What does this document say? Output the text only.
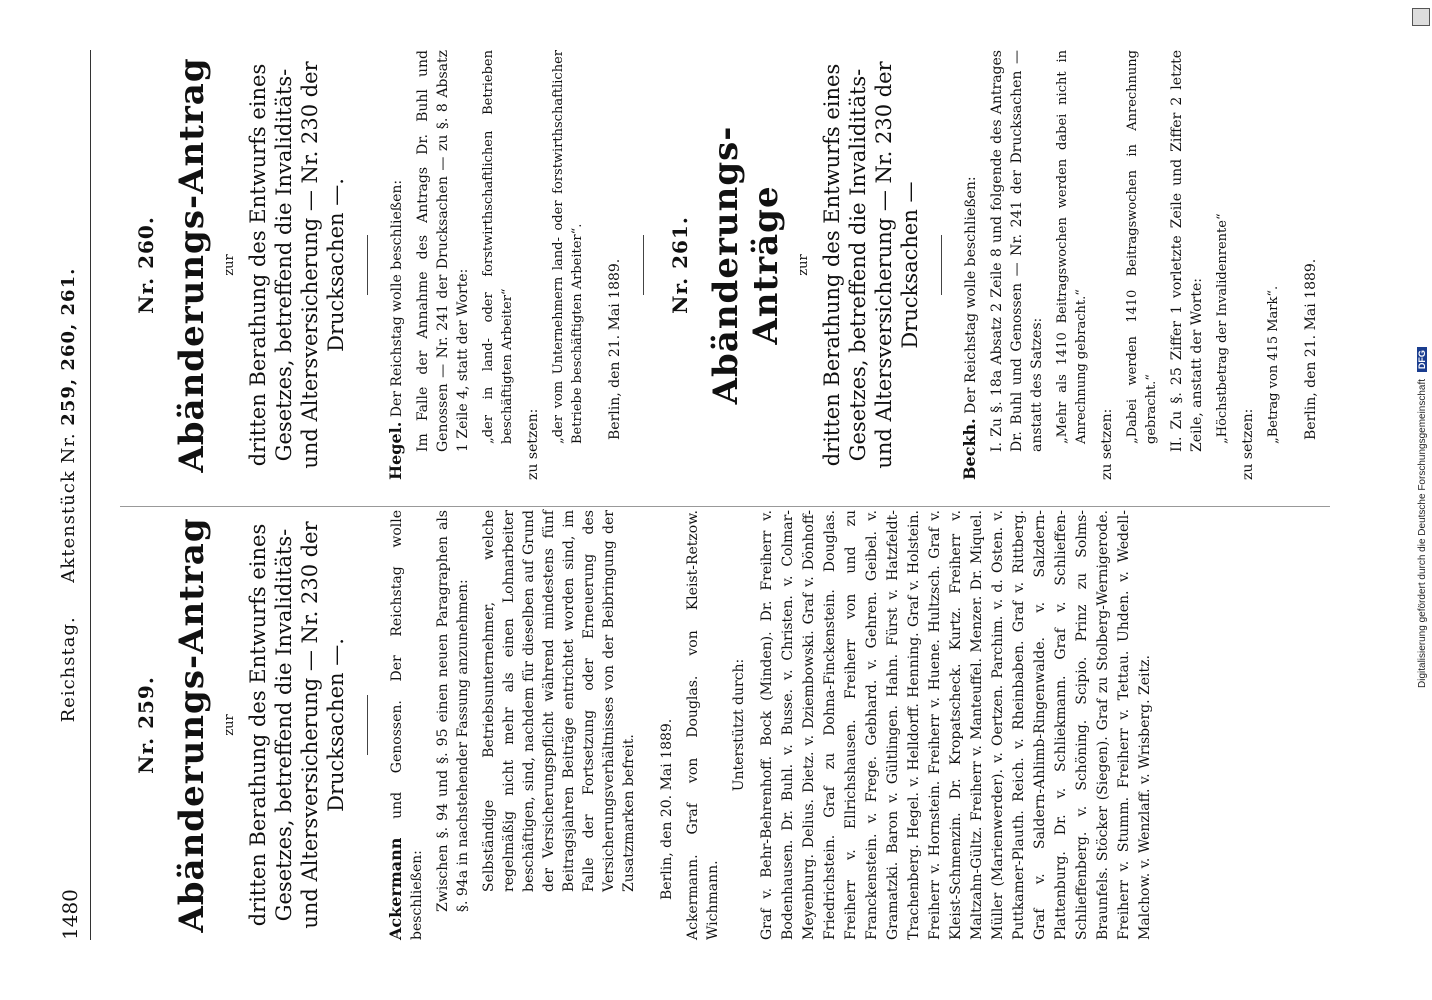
1480
Reichstag.     Aktenstück Nr. 259, 260, 261.
Nr. 259. Abänderungs-Antrag zur dritten Berathung des Entwurfs eines Gesetzes, betreffend die Invaliditäts- und Altersversicherung — Nr. 230 der Drucksachen —.

Ackermann und Genossen. Der Reichstag wolle beschließen: Zwischen §. 94 und §. 95 einen neuen Paragraphen als §. 94a in nachstehender Fassung anzunehmen: Selbständige Betriebsunternehmer, welche regelmäßig nicht mehr als einen Lohnarbeiter beschäftigen, sind, nachdem für dieselben auf Grund der Versicherungspflicht während mindestens fünf Beitragsjahren Beiträge entrichtet worden sind, im Falle der Fortsetzung oder Erneuerung des Versicherungsverhältnisses von der Beibringung der Zusatzmarken befreit. Berlin, den 20. Mai 1889. Ackermann. Graf von Douglas. von Kleist-Retzow. Wichmann.

Unterstützt durch: Graf v. Behr-Behrenhoff. Bock (Minden). Dr. Freiherr v. Bodenhausen. Dr. Buhl. v. Busse. v. Christen. v. Colmar-Meyenburg. Delius. Dietz. v. Dziembowski. Graf v. Dönhoff-Friedrichstein. Graf zu Dohna-Finckenstein. Douglas. Freiherr v. Ellrichshausen. Freiherr von und zu Franckenstein. v. Frege. Gebhard. v. Gehren. Geibel. v. Gramatzki. Baron v. Gültlingen. Hahn. Fürst v. Hatzfeldt-Trachenberg. Hegel. v. Helldorff. Henning. Graf v. Holstein. Freiherr v. Hornstein. Freiherr v. Huene. Hultzsch. Graf v. Kleist-Schmenzin. Dr. Kropatscheck. Kurtz. Freiherr v. Maltzahn-Gültz. Freiherr v. Manteuffel. Menzer. Dr. Miquel. Müller (Marienwerder). v. Oertzen. Parchim. v. d. Osten. v. Puttkamer-Plauth. Reich. v. Rheinbaben. Graf v. Rittberg. Graf v. Saldern-Ahlimb-Ringenwalde. v. Salzdern-Plattenburg. Dr. v. Schliekmann. Graf v. Schlieffen-Schlieffenberg. v. Schöning. Scipio. Prinz zu Solms-Braunfels. Stöcker (Siegen). Graf zu Stolberg-Wernigerode. Freiherr v. Stumm. Freiherr v. Tettau. Uhden. v. Wedell-Malchow. v. Wenzlaff. v. Wrisberg. Zeitz.
Nr. 260. Abänderungs-Antrag zur dritten Berathung des Entwurfs eines Gesetzes, betreffend die Invaliditäts- und Altersversicherung — Nr. 230 der Drucksachen —.

Hegel. Der Reichstag wolle beschließen: Im Falle der Annahme des Antrags Dr. Buhl und Genossen — Nr. 241 der Drucksachen — zu §. 8 Absatz 1 Zeile 4, statt der Worte: „der in land- oder forstwirthschaftlichen Betrieben beschäftigten Arbeiter“

zu setzen:

„der vom Unternehmern land- oder forstwirthschaftlicher Betriebe beschäftigten Arbeiter“. Berlin, den 21. Mai 1889. Nr. 261. Abänderungs-Anträge zur dritten Berathung des Entwurfs eines Gesetzes, betreffend die Invaliditäts- und Altersversicherung — Nr. 230 der Drucksachen —

Beckh. Der Reichstag wolle beschließen: I. Zu §. 18a Absatz 2 Zeile 8 und folgende des Antrages Dr. Buhl und Genossen — Nr. 241 der Drucksachen — anstatt des Satzes: „Mehr als 1410 Beitragswochen werden dabei nicht in Anrechnung gebracht.“

zu setzen:

„Dabei werden 1410 Beitragswochen in Anrechnung gebracht.“ II. Zu §. 25 Ziffer 1 vorletzte Zeile und Ziffer 2 letzte Zeile, anstatt der Worte: „Höchstbetrag der Invalidenrente“

zu setzen:

„Betrag von 415 Mark“. Berlin, den 21. Mai 1889.

Digitalisierung gefördert durch die Deutsche Forschungsgemeinschaft DFG
